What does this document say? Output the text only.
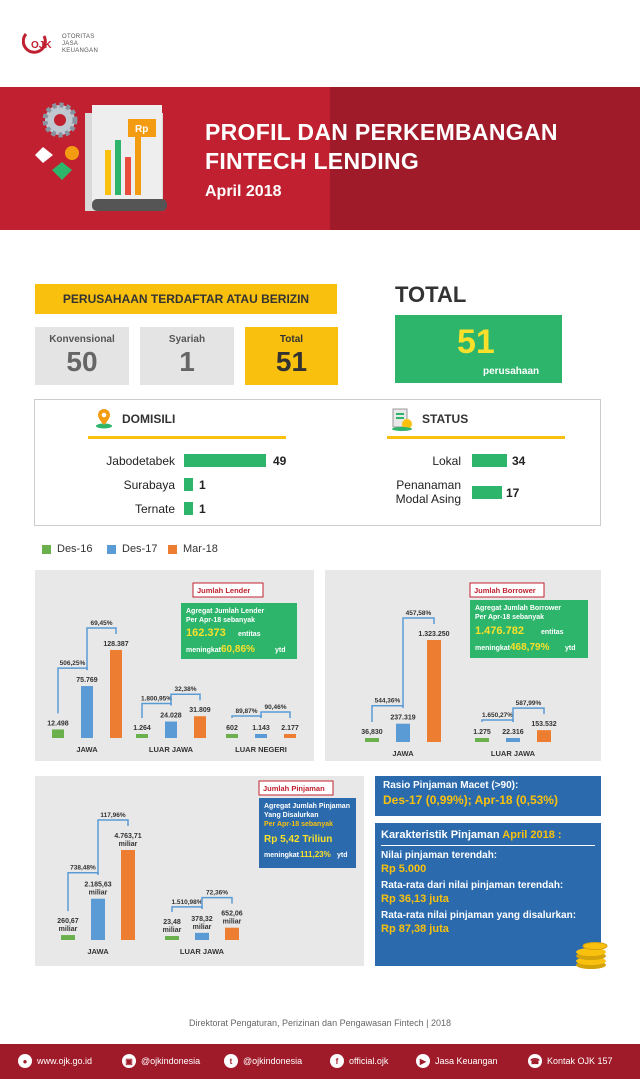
OJK
OTORITAS
JASA
KEUANGAN
Rp PROFIL DAN PERKEMBANGAN
FINTECH LENDING
April 2018
PERUSAHAAN TERDAFTAR ATAU BERIZIN
Konvensional
50
Syariah
1
Total
51
TOTAL
51
perusahaan
DOMISILI
Jabodetabek	49
Surabaya 1
Ternate 1
STATUS
Lokal	34
Penanaman
Modal Asing	17
Des-16	Des-17 Mar-18
12.498
75.769
128.387
506,25%
69,45%
JAWA
1.264
24.028
31.809
1.800,95%
32,38%
LUAR JAWA
602 1.143 2.177
89,87%
90,46%
LUAR NEGERI
Jumlah Lender
Agregat Jumlah Lender
Per Apr-18 sebanyak
162.373 entitas
meningkat 60,86%	ytd
36,830
237.319
1.323.250
544,36%
457,58%
JAWA
1.275 22.316
153.532
1.650,27%
587,99%
LUAR JAWA
Jumlah Borrower
Agregat Jumlah Borrower
Per Apr-18 sebanyak
1.476.782 entitas
meningkat 468,79% ytd
260,67
miliar
2.185,63
miliar
4.763,71
miliar
738,48%
117,96%
JAWA
23,48
miliar
378,32
miliar
652,06
miliar
1.510,98%
72,36%
LUAR JAWA
Jumlah Pinjaman
Agregat Jumlah Pinjaman
Yang Disalurkan
Per Apr-18 sebanyak
Rp 5,42 Triliun
meningkat 111,23% ytd
Rasio Pinjaman Macet (>90):
Des-17 (0,99%); Apr-18 (0,53%)
Karakteristik Pinjaman April 2018 :
Nilai pinjaman terendah:
Rp 5.000
Rata-rata dari nilai pinjaman terendah:
Rp 36,13 juta
Rata-rata nilai pinjaman yang disalurkan:
Rp 87,38 juta
Direktorat Pengaturan, Perizinan dan Pengawasan Fintech | 2018
●	www.ojk.go.id	▣ @ojkindonesia	t	@ojkindonesia	f	official.ojk	▶ Jasa Keuangan	☎ Kontak OJK 157
